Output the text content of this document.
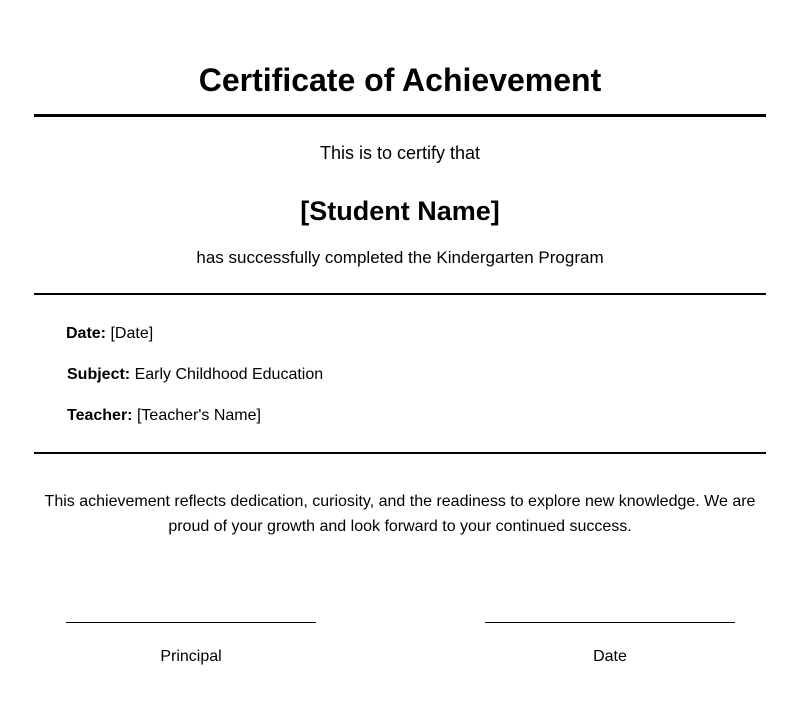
Certificate of Achievement
This is to certify that
[Student Name]
has successfully completed the Kindergarten Program
Date: [Date]
Subject: Early Childhood Education
Teacher: [Teacher's Name]
This achievement reflects dedication, curiosity, and the readiness to explore new knowledge. We are proud of your growth and look forward to your continued success.
Principal	Date
